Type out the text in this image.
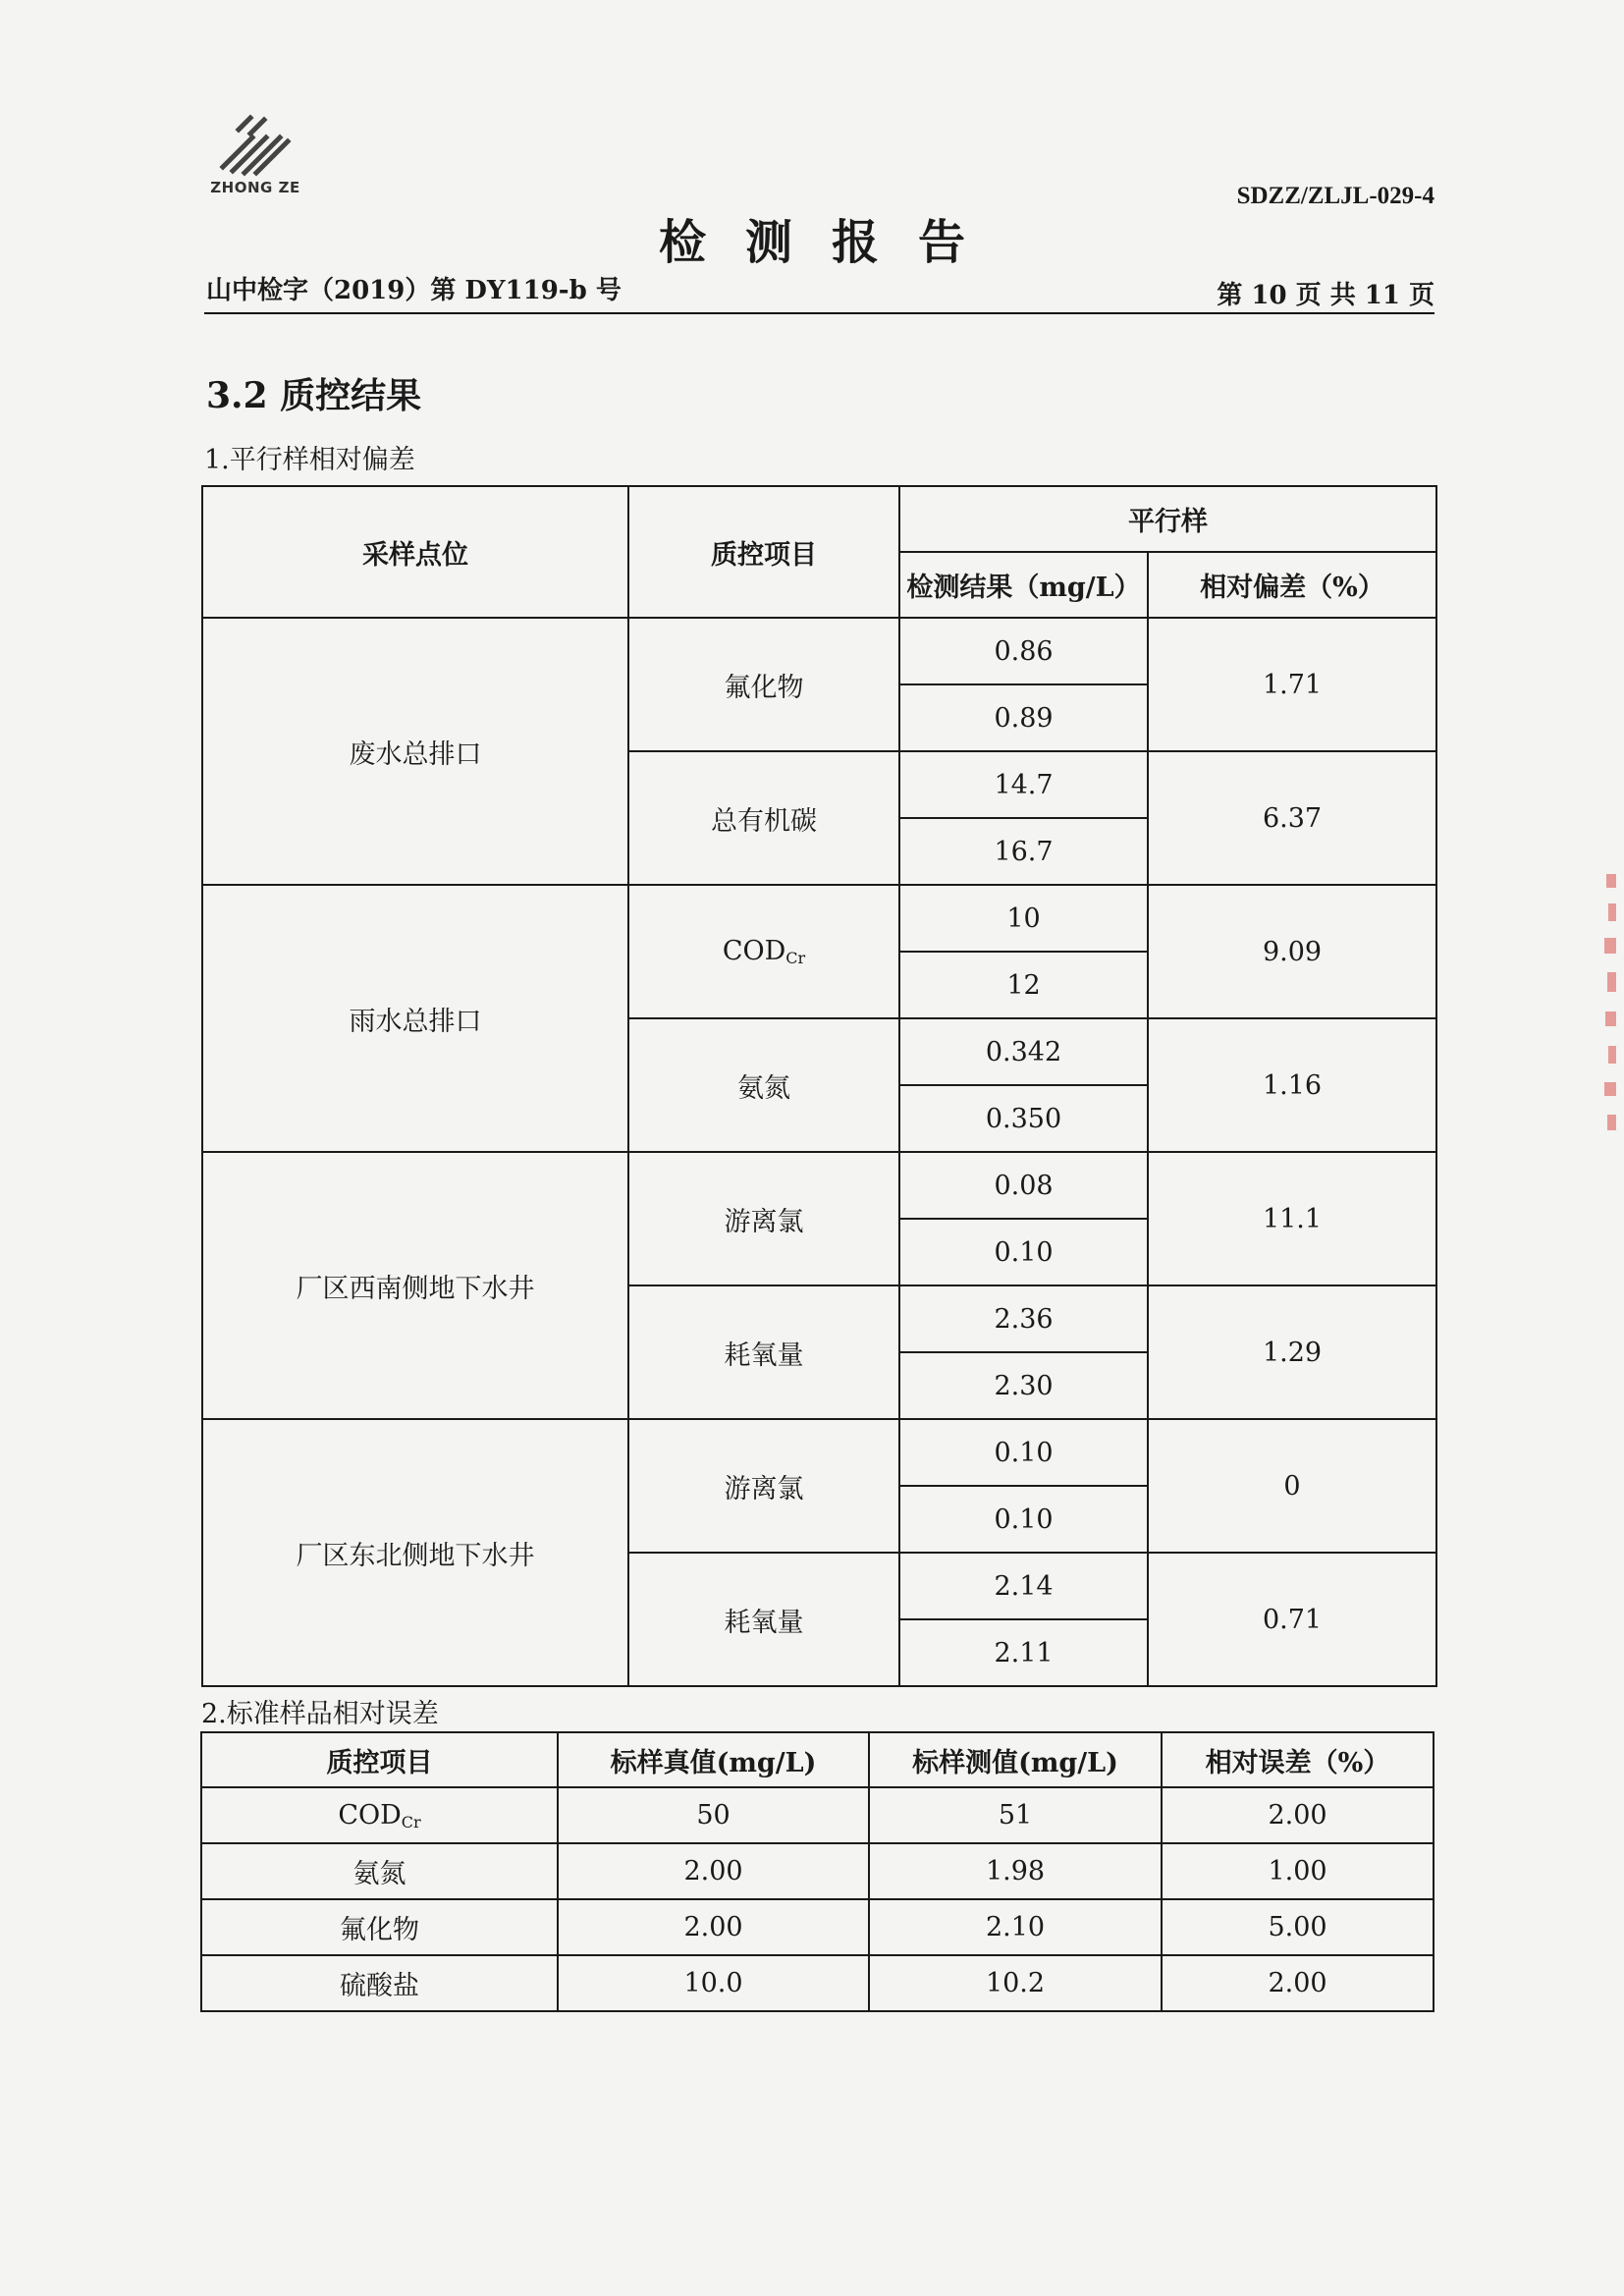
ZHONG ZE	SDZZ/ZLJL-029-4
检测报告
山中检字（2019）第 DY119-b 号	第 10 页 共 11 页
3.2 质控结果
1.平行样相对偏差
采样点位	质控项目	平行样	
		检测结果（mg/L）	相对偏差（%）
废水总排口	氟化物	0.86	1.71
		0.89	
	总有机碳	14.7	6.37
		16.7	
雨水总排口	$COD_{Cr}$	10	9.09
		12	
	氨氮	0.342	1.16
		0.350	
厂区西南侧地下水井	游离氯	0.08	11.1
		0.10	
	耗氧量	2.36	1.29
		2.30	
厂区东北侧地下水井	游离氯	0.10	0
		0.10	
	耗氧量	2.14	0.71
		2.11	
2.标准样品相对误差
质控项目	标样真值(mg/L)	标样测值(mg/L)	相对误差（%）
$COD_{Cr}$	50	51	2.00
氨氮	2.00	1.98	1.00
氟化物	2.00	2.10	5.00
硫酸盐	10.0	10.2	2.00
